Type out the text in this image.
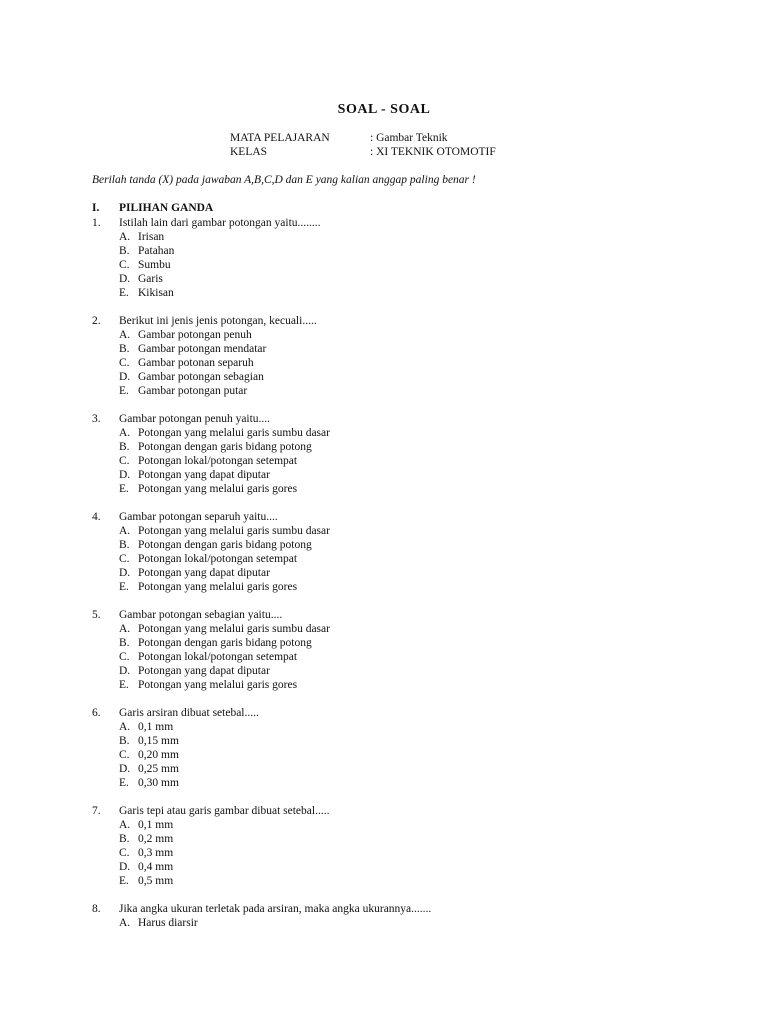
SOAL - SOAL
MATA PELAJARAN	: Gambar Teknik
KELAS	: XI TEKNIK OTOMOTIF
Berilah tanda (X) pada jawaban A,B,C,D dan E yang kalian anggap paling benar !
I. PILIHAN GANDA
1. Istilah lain dari gambar potongan yaitu........
A. Irisan
B. Patahan
C. Sumbu
D. Garis
E. Kikisan
2. Berikut ini jenis jenis potongan, kecuali.....
A. Gambar potongan penuh
B. Gambar potongan mendatar
C. Gambar potonan separuh
D. Gambar potongan sebagian
E. Gambar potongan putar
3. Gambar potongan penuh yaitu....
A. Potongan yang melalui garis sumbu dasar
B. Potongan dengan garis bidang potong
C. Potongan lokal/potongan setempat
D. Potongan yang dapat diputar
E. Potongan yang melalui garis gores
4. Gambar potongan separuh yaitu....
A. Potongan yang melalui garis sumbu dasar
B. Potongan dengan garis bidang potong
C. Potongan lokal/potongan setempat
D. Potongan yang dapat diputar
E. Potongan yang melalui garis gores
5. Gambar potongan sebagian yaitu....
A. Potongan yang melalui garis sumbu dasar
B. Potongan dengan garis bidang potong
C. Potongan lokal/potongan setempat
D. Potongan yang dapat diputar
E. Potongan yang melalui garis gores
6. Garis arsiran dibuat setebal.....
A. 0,1 mm
B. 0,15 mm
C. 0,20 mm
D. 0,25 mm
E. 0,30 mm
7. Garis tepi atau garis gambar dibuat setebal.....
A. 0,1 mm
B. 0,2 mm
C. 0,3 mm
D. 0,4 mm
E. 0,5 mm
8. Jika angka ukuran terletak pada arsiran, maka angka ukurannya.......
A. Harus diarsir
